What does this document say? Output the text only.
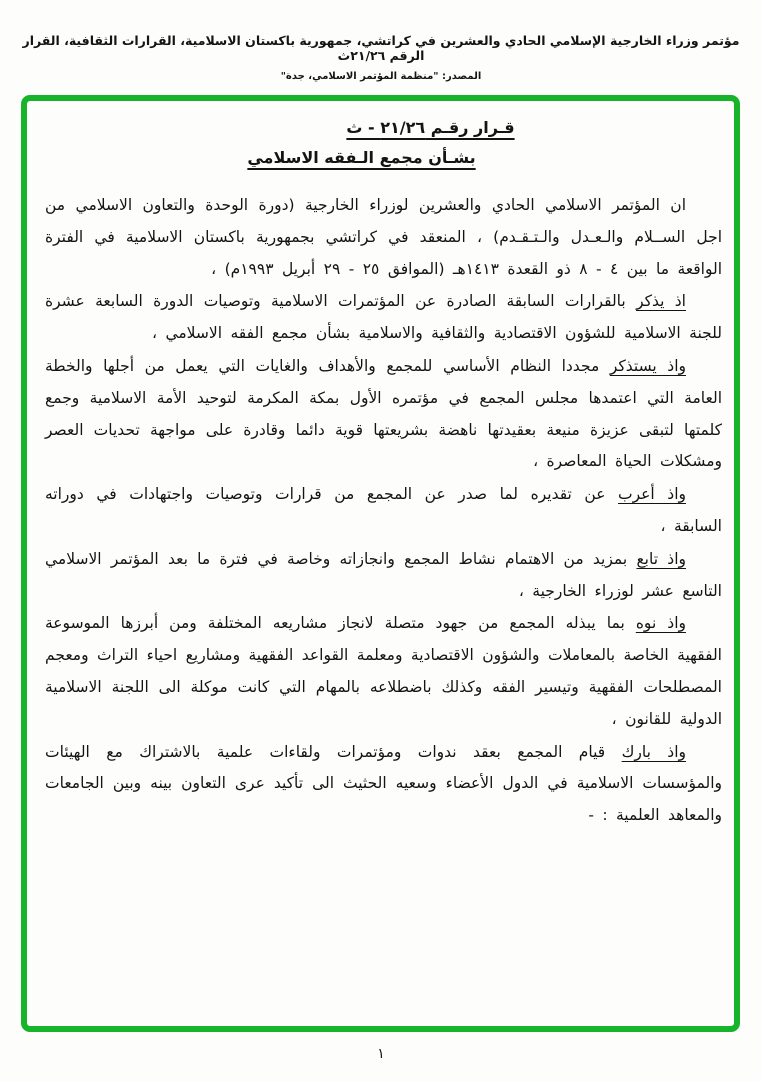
مؤتمر وزراء الخارجية الإسلامي الحادي والعشرين في كراتشي، جمهورية باكستان الاسلامية، القرارات الثقافية، القرار الرقم ٢١/٢٦ث
المصدر: "منظمة المؤتمر الاسلامي، جدة"
قـرار رقـم ٢١/٢٦ - ث
بشـأن مجمع الـفقه الاسلامي

ان المؤتمر الاسلامي الحادي والعشرين لوزراء الخارجية (دورة الوحدة والتعاون الاسلامي من اجل الســلام والـعـدل والـتـقـدم) ، المنعقد في كراتشي بجمهورية باكستان الاسلامية في الفترة الواقعة ما بين ٤ - ٨ ذو القعدة ١٤١٣هـ (الموافق ٢٥ - ٢٩ أبريل ١٩٩٣م) ،

اذ يذكر بالقرارات السابقة الصادرة عن المؤتمرات الاسلامية وتوصيات الدورة السابعة عشرة للجنة الاسلامية للشؤون الاقتصادية والثقافية والاسلامية بشأن مجمع الفقه الاسلامي ،

واذ يستذكر مجددا النظام الأساسي للمجمع والأهداف والغايات التي يعمل من أجلها والخطة العامة التي اعتمدها مجلس المجمع في مؤتمره الأول بمكة المكرمة لتوحيد الأمة الاسلامية وجمع كلمتها لتبقى عزيزة منيعة بعقيدتها ناهضة بشريعتها قوية دائما وقادرة على مواجهة تحديات العصر ومشكلات الحياة المعاصرة ،

واذ أعرب عن تقديره لما صدر عن المجمع من قرارات وتوصيات واجتهادات في دوراته السابقة ،

واذ تابع بمزيد من الاهتمام نشاط المجمع وانجازاته وخاصة في فترة ما بعد المؤتمر الاسلامي التاسع عشر لوزراء الخارجية ،

واذ نوه بما يبذله المجمع من جهود متصلة لانجاز مشاريعه المختلفة ومن أبرزها الموسوعة الفقهية الخاصة بالمعاملات والشؤون الاقتصادية ومعلمة القواعد الفقهية ومشاريع احياء التراث ومعجم المصطلحات الفقهية وتيسير الفقه وكذلك باضطلاعه بالمهام التي كانت موكلة الى اللجنة الاسلامية الدولية للقانون ،

واذ بارك قيام المجمع بعقد ندوات ومؤتمرات ولقاءات علمية بالاشتراك مع الهيئات والمؤسسات الاسلامية في الدول الأعضاء وسعيه الحثيث الى تأكيد عرى التعاون بينه وبين الجامعات والمعاهد العلمية : -

١
